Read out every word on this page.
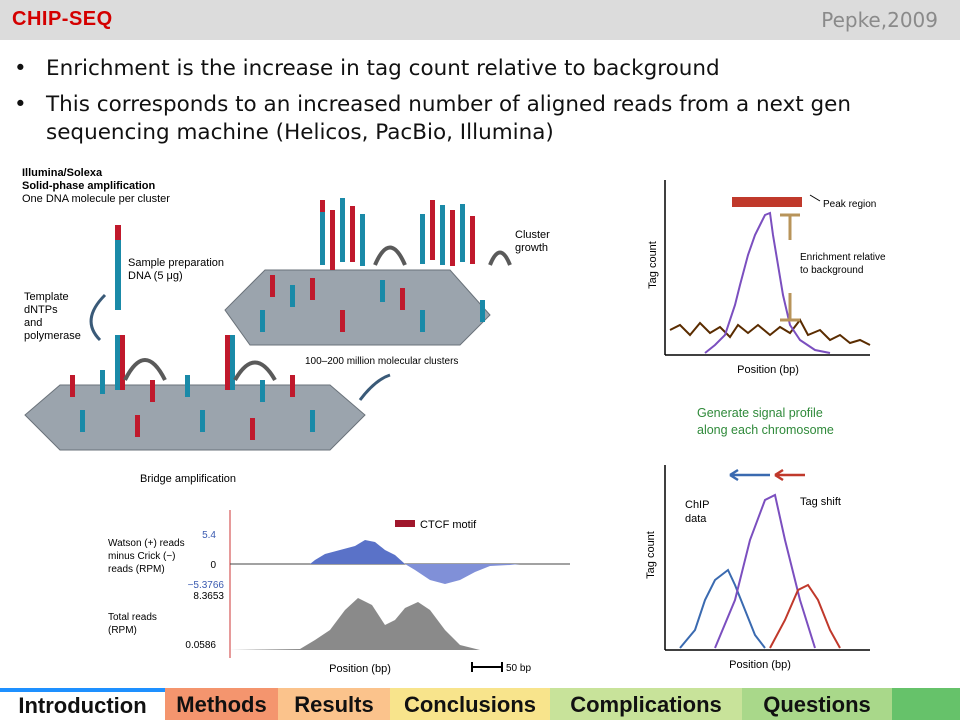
CHIP-SEQ	Pepke,2009
• Enrichment is the increase in tag count relative to background
• This corresponds to an increased number of aligned reads from a next gen sequencing machine (Helicos, PacBio, Illumina)
Illumina/Solexa
Solid-phase amplification
One DNA molecule per cluster
Cluster
growth
100–200 million molecular clusters
Sample preparation
DNA (5 μg)
Template
dNTPs
and
polymerase
Bridge amplification
Tag count
Position (bp)
Peak region
Enrichment relative
to background
Generate signal profile
along each chromosome
Tag count
Position (bp)
ChIP
data
Tag shift
CTCF motif
Watson (+) reads
minus Crick (−)
reads (RPM)
5.4
0
−5.3766
8.3653
Total reads
(RPM)
0.0586
Position (bp)	50 bp
Introduction	Methods	Results	Conclusions	Complications	Questions
